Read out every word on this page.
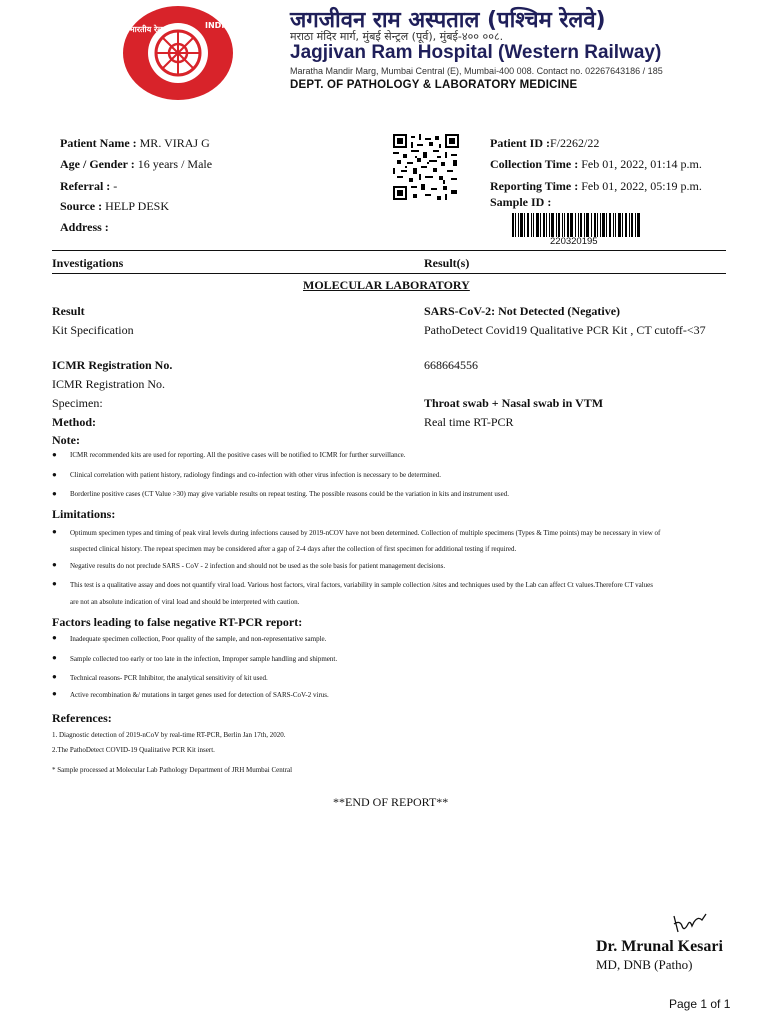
INDIAN RAILWAYS
भारतीय रेल	जगजीवन राम अस्पताल (पश्चिम रेलवे)
मराठा मंदिर मार्ग, मुंबई सेन्ट्रल (पूर्व), मुंबई-४०० ००८.
Jagjivan Ram Hospital (Western Railway)
Maratha Mandir Marg, Mumbai Central (E), Mumbai-400 008. Contact no. 02267643186 / 185
DEPT. OF PATHOLOGY & LABORATORY MEDICINE
Patient Name : MR. VIRAJ G
Age / Gender : 16 years / Male
Referral : -
Source : HELP DESK
Address :
Patient ID :F/2262/22
Collection Time : Feb 01, 2022, 01:14 p.m.
Reporting Time : Feb 01, 2022, 05:19 p.m.
Sample ID :
220320195
Investigations	Result(s)
MOLECULAR LABORATORY
Result	SARS-CoV-2: Not Detected (Negative)
Kit Specification	PathoDetect Covid19 Qualitative PCR Kit , CT cutoff-<37
ICMR Registration No.	668664556
ICMR Registration No.
Specimen:	Throat swab + Nasal swab in VTM
Method:	Real time RT-PCR
Note:
● ICMR recommended kits are used for reporting. All the positive cases will be notified to ICMR for further surveillance.
● Clinical correlation with patient history, radiology findings and co-infection with other virus infection is necessary to be determined.
● Borderline positive cases (CT Value >30) may give variable results on repeat testing. The possible reasons could be the variation in kits and instrument used.
Limitations:
● Optimum specimen types and timing of peak viral levels during infections caused by 2019-nCOV have not been determined. Collection of multiple specimens (Types & Time points) may be necessary in view of
suspected clinical history. The repeat specimen may be considered after a gap of 2-4 days after the collection of first specimen for additional testing if required.
● Negative results do not preclude SARS - CoV - 2 infection and should not be used as the sole basis for patient management decisions.
● This test is a qualitative assay and does not quantify viral load. Various host factors, viral factors, variability in sample collection /sites and techniques used by the Lab can affect Ct values.Therefore CT values
are not an absolute indication of viral load and should be interpreted with caution.
Factors leading to false negative RT-PCR report:
● Inadequate specimen collection, Poor quality of the sample, and non-representative sample.
● Sample collected too early or too late in the infection, Improper sample handling and shipment.
● Technical reasons- PCR Inhibitor, the analytical sensitivity of kit used.
● Active recombination &/ mutations in target genes used for detection of SARS-CoV-2 virus.
References:
1. Diagnostic detection of 2019-nCoV by real-time RT-PCR, Berlin Jan 17th, 2020.
2.The PathoDetect COVID-19 Qualitative PCR Kit insert.
* Sample processed at Molecular Lab Pathology Department of JRH Mumbai Central
**END OF REPORT**
Dr. Mrunal Kesari
MD, DNB (Patho)
Page 1 of 1
